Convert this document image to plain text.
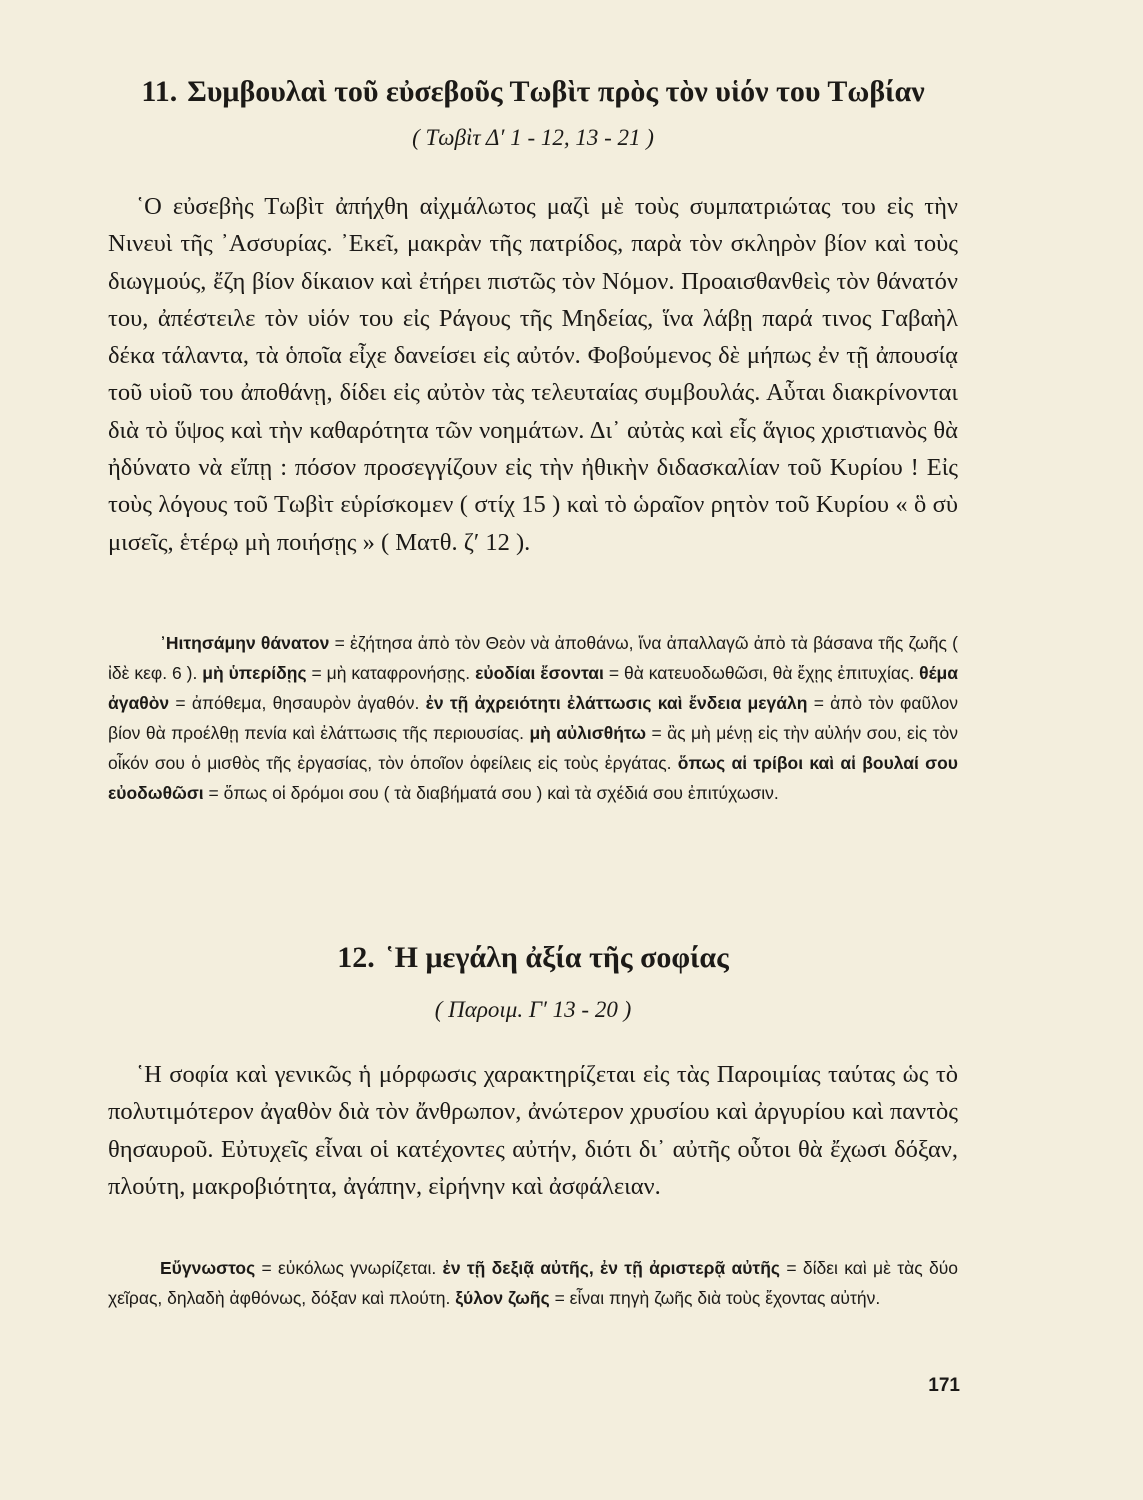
11. Συμβουλαὶ τοῦ εὐσεβοῦς Τωβὶτ πρὸς τὸν υἱόν του Τωβίαν
( Τωβὶτ Δ′ 1 - 12, 13 - 21 )

῾Ο εὐσεβὴς Τωβὶτ ἀπήχθη αἰχμάλωτος μαζὶ μὲ τοὺς συμπατριώτας του εἰς τὴν Νινευὶ τῆς ᾿Ασσυρίας. ᾿Εκεῖ, μακρὰν τῆς πατρίδος, παρὰ τὸν σκληρὸν βίον καὶ τοὺς διωγμούς, ἔζη βίον δίκαιον καὶ ἐτήρει πιστῶς τὸν Νόμον. Προαισθανθεὶς τὸν θάνατόν του, ἀπέστειλε τὸν υἱόν του εἰς Ράγους τῆς Μηδείας, ἵνα λάβῃ παρά τινος Γαβαὴλ δέκα τάλαντα, τὰ ὁποῖα εἶχε δανείσει εἰς αὐτόν. Φοβούμενος δὲ μήπως ἐν τῇ ἀπουσίᾳ τοῦ υἱοῦ του ἀποθάνῃ, δίδει εἰς αὐτὸν τὰς τελευταίας συμβουλάς. Αὗται διακρίνονται διὰ τὸ ὕψος καὶ τὴν καθαρότητα τῶν νοημάτων. Δι᾿ αὐτὰς καὶ εἷς ἅγιος χριστιανὸς θὰ ἠδύνατο νὰ εἴπῃ : πόσον προσεγγίζουν εἰς τὴν ἠθικὴν διδασκαλίαν τοῦ Κυρίου ! Εἰς τοὺς λόγους τοῦ Τωβὶτ εὑρίσκομεν ( στίχ 15 ) καὶ τὸ ὡραῖον ρητὸν τοῦ Κυρίου « ὃ σὺ μισεῖς, ἑτέρῳ μὴ ποιήσῃς » ( Ματθ. ζ′ 12 ).

᾿Ηιτησάμην θάνατον = ἐζήτησα ἀπὸ τὸν Θεὸν νὰ ἀποθάνω, ἵνα ἀπαλλαγῶ ἀπὸ τὰ βάσανα τῆς ζωῆς ( ἰδὲ κεφ. 6 ). μὴ ὑπερίδῃς = μὴ καταφρονήσῃς. εὐοδίαι ἔσονται = θὰ κατευοδωθῶσι, θὰ ἔχῃς ἐπιτυχίας. θέμα ἀγαθὸν = ἀπόθεμα, θησαυρὸν ἀγαθόν. ἐν τῇ ἀχρειότητι ἐλάττωσις καὶ ἔνδεια μεγάλη = ἀπὸ τὸν φαῦλον βίον θὰ προέλθῃ πενία καὶ ἐλάττωσις τῆς περιουσίας. μὴ αὐλισθήτω = ἂς μὴ μένῃ εἰς τὴν αὐλήν σου, εἰς τὸν οἶκόν σου ὁ μισθὸς τῆς ἐργασίας, τὸν ὁποῖον ὀφείλεις εἰς τοὺς ἐργάτας. ὅπως αἱ τρίβοι καὶ αἱ βουλαί σου εὐοδωθῶσι = ὅπως οἱ δρόμοι σου ( τὰ διαβήματά σου ) καὶ τὰ σχέδιά σου ἐπιτύχωσιν.

12. ῾Η μεγάλη ἀξία τῆς σοφίας
( Παροιμ. Γ′ 13 - 20 )

῾Η σοφία καὶ γενικῶς ἡ μόρφωσις χαρακτηρίζεται εἰς τὰς Παροιμίας ταύτας ὡς τὸ πολυτιμότερον ἀγαθὸν διὰ τὸν ἄνθρωπον, ἀνώτερον χρυσίου καὶ ἀργυρίου καὶ παντὸς θησαυροῦ. Εὐτυχεῖς εἶναι οἱ κατέχοντες αὐτήν, διότι δι᾿ αὐτῆς οὗτοι θὰ ἔχωσι δόξαν, πλούτη, μακροβιότητα, ἀγάπην, εἰρήνην καὶ ἀσφάλειαν.

Εὔγνωστος = εὐκόλως γνωρίζεται. ἐν τῇ δεξιᾷ αὐτῆς, ἐν τῇ ἀριστερᾷ αὐτῆς = δίδει καὶ μὲ τὰς δύο χεῖρας, δηλαδὴ ἀφθόνως, δόξαν καὶ πλούτη. ξύλον ζωῆς = εἶναι πηγὴ ζωῆς διὰ τοὺς ἔχοντας αὐτήν.

171
